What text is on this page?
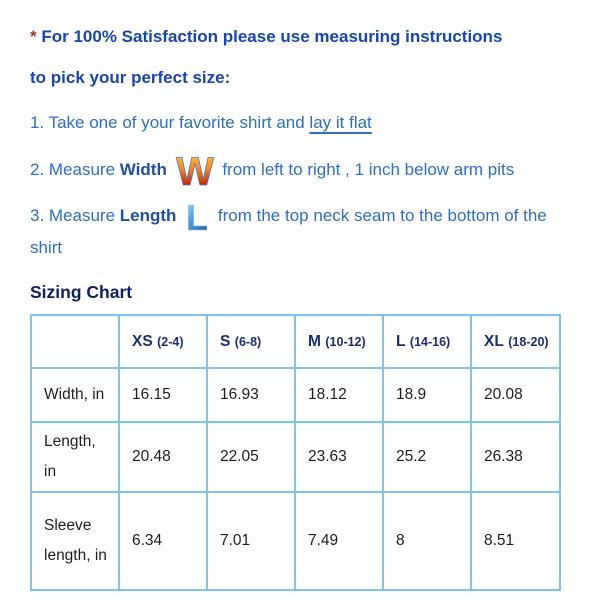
* For 100% Satisfaction please use measuring instructions
to pick your perfect size:
1. Take one of your favorite shirt and lay it flat
2. Measure Width W from left to right , 1 inch below arm pits
3. Measure Length L from the top neck seam to the bottom of the shirt
Sizing Chart
	XS (2-4)	S (6-8)	M (10-12)	L (14-16)	XL (18-20)
Width, in	16.15	16.93	18.12	18.9	20.08
Length, in	20.48	22.05	23.63	25.2	26.38
Sleeve length, in	6.34	7.01	7.49	8	8.51
